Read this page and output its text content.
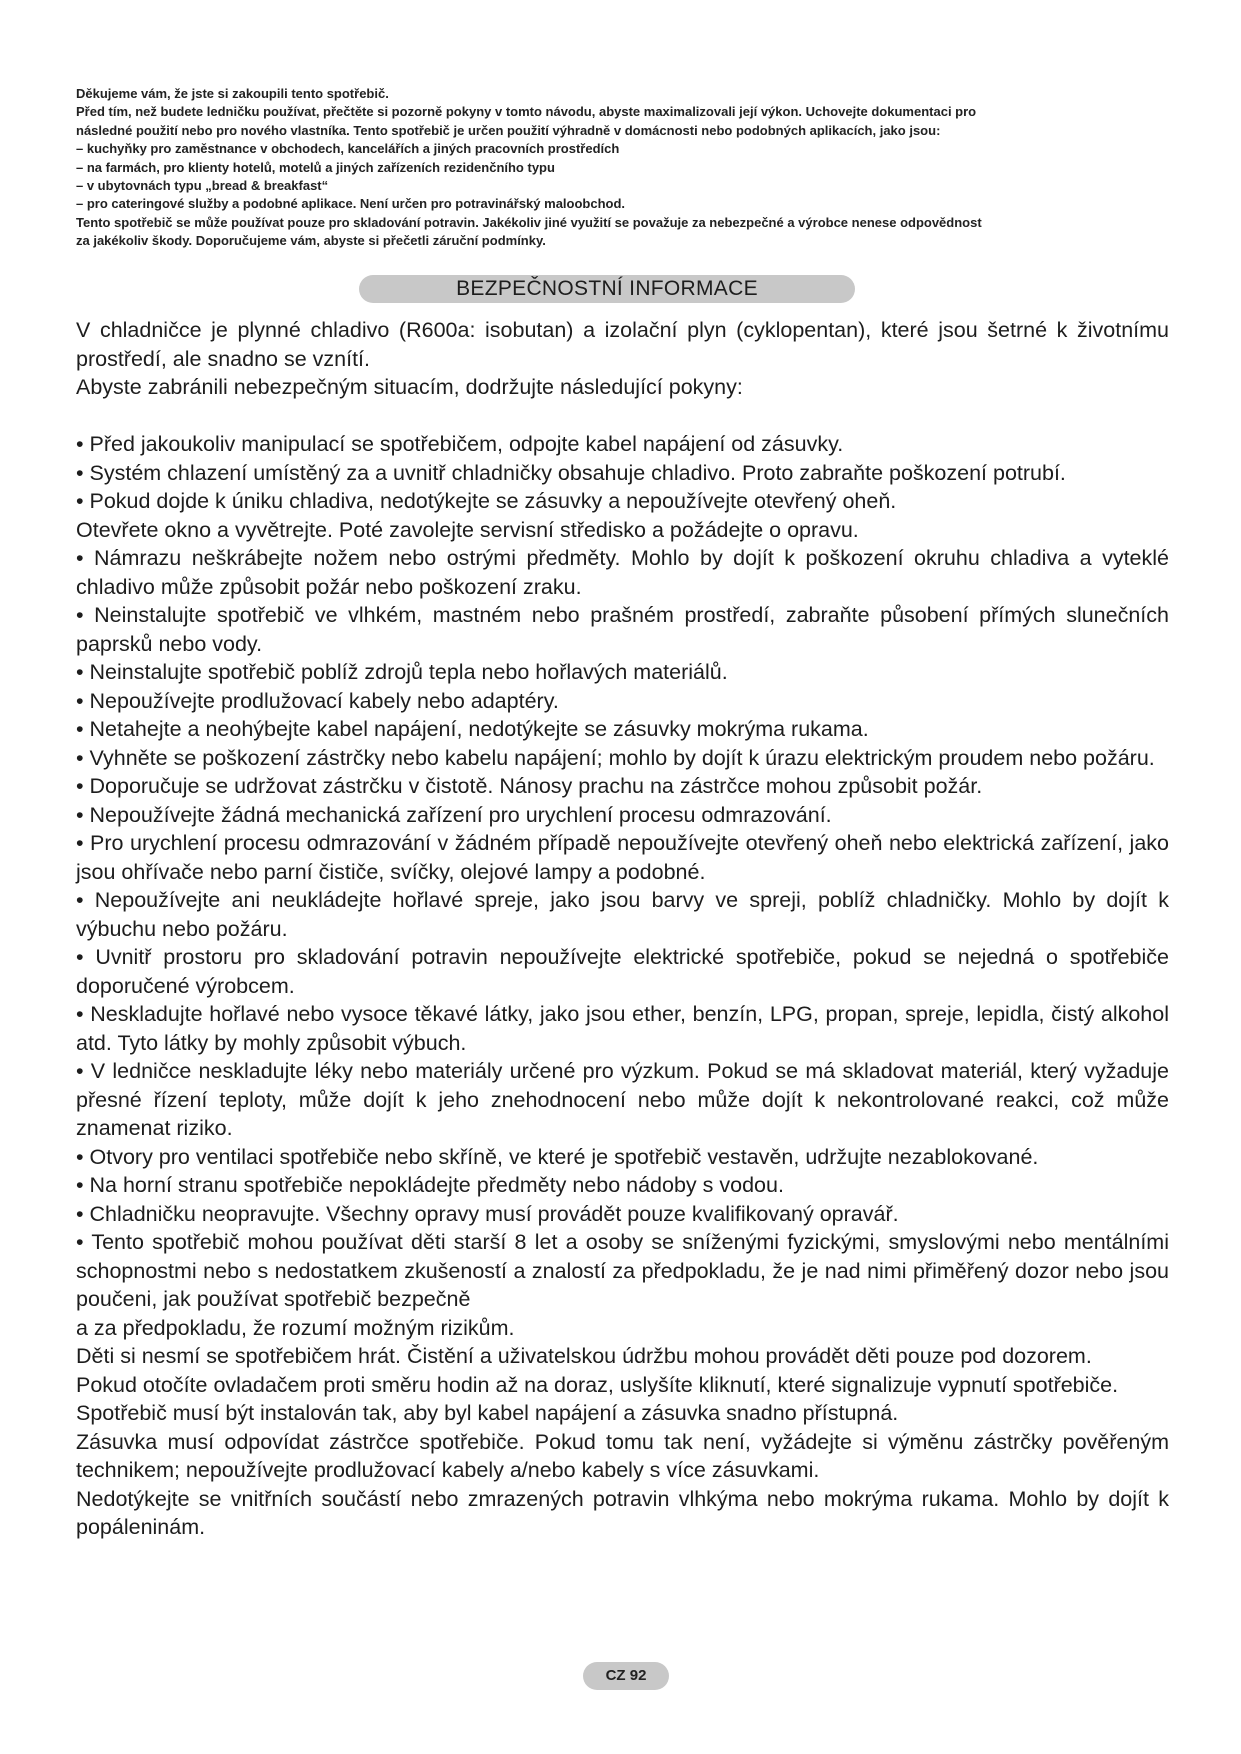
Děkujeme vám, že jste si zakoupili tento spotřebič.
Před tím, než budete ledničku používat, přečtěte si pozorně pokyny v tomto návodu, abyste maximalizovali její výkon. Uchovejte dokumentaci pro
následné použití nebo pro nového vlastníka. Tento spotřebič je určen použití výhradně v domácnosti nebo podobných aplikacích, jako jsou:
– kuchyňky pro zaměstnance v obchodech, kancelářích a jiných pracovních prostředích
– na farmách, pro klienty hotelů, motelů a jiných zařízeních rezidenčního typu
– v ubytovnách typu „bread & breakfast“
– pro cateringové služby a podobné aplikace. Není určen pro potravinářský maloobchod.
Tento spotřebič se může používat pouze pro skladování potravin. Jakékoliv jiné využití se považuje za nebezpečné a výrobce nenese odpovědnost
za jakékoliv škody. Doporučujeme vám, abyste si přečetli záruční podmínky.
BEZPEČNOSTNÍ INFORMACE
V chladničce je plynné chladivo (R600a: isobutan) a izolační plyn (cyklopentan), které jsou šetrné k životnímu prostředí, ale snadno se vznítí.
Abyste zabránili nebezpečným situacím, dodržujte následující pokyny:
• Před jakoukoliv manipulací se spotřebičem, odpojte kabel napájení od zásuvky.
• Systém chlazení umístěný za a uvnitř chladničky obsahuje chladivo. Proto zabraňte poškození potrubí.
• Pokud dojde k úniku chladiva, nedotýkejte se zásuvky a nepoužívejte otevřený oheň.
Otevřete okno a vyvětrejte. Poté zavolejte servisní středisko a požádejte o opravu.
• Námrazu neškrábejte nožem nebo ostrými předměty. Mohlo by dojít k poškození okruhu chladiva a vyteklé chladivo může způsobit požár nebo poškození zraku.
• Neinstalujte spotřebič ve vlhkém, mastném nebo prašném prostředí, zabraňte působení přímých slunečních paprsků nebo vody.
• Neinstalujte spotřebič poblíž zdrojů tepla nebo hořlavých materiálů.
• Nepoužívejte prodlužovací kabely nebo adaptéry.
• Netahejte a neohýbejte kabel napájení, nedotýkejte se zásuvky mokrýma rukama.
• Vyhněte se poškození zástrčky nebo kabelu napájení; mohlo by dojít k úrazu elektrickým proudem nebo požáru.
• Doporučuje se udržovat zástrčku v čistotě. Nánosy prachu na zástrčce mohou způsobit požár.
• Nepoužívejte žádná mechanická zařízení pro urychlení procesu odmrazování.
• Pro urychlení procesu odmrazování v žádném případě nepoužívejte otevřený oheň nebo elektrická zařízení, jako jsou ohřívače nebo parní čističe, svíčky, olejové lampy a podobné.
• Nepoužívejte ani neukládejte hořlavé spreje, jako jsou barvy ve spreji, poblíž chladničky. Mohlo by dojít k výbuchu nebo požáru.
• Uvnitř prostoru pro skladování potravin nepoužívejte elektrické spotřebiče, pokud se nejedná o spotřebiče doporučené výrobcem.
• Neskladujte hořlavé nebo vysoce těkavé látky, jako jsou ether, benzín, LPG, propan, spreje, lepidla, čistý alkohol atd. Tyto látky by mohly způsobit výbuch.
• V ledničce neskladujte léky nebo materiály určené pro výzkum. Pokud se má skladovat materiál, který vyžaduje přesné řízení teploty, může dojít k jeho znehodnocení nebo může dojít k nekontrolované reakci, což může znamenat riziko.
• Otvory pro ventilaci spotřebiče nebo skříně, ve které je spotřebič vestavěn, udržujte nezablokované.
• Na horní stranu spotřebiče nepokládejte předměty nebo nádoby s vodou.
• Chladničku neopravujte. Všechny opravy musí provádět pouze kvalifikovaný opravář.
• Tento spotřebič mohou používat děti starší 8 let a osoby se sníženými fyzickými, smyslovými nebo mentálními schopnostmi nebo s nedostatkem zkušeností a znalostí za předpokladu, že je nad nimi přiměřený dozor nebo jsou poučeni, jak používat spotřebič bezpečně
a za předpokladu, že rozumí možným rizikům.
Děti si nesmí se spotřebičem hrát. Čistění a uživatelskou údržbu mohou provádět děti pouze pod dozorem.
Pokud otočíte ovladačem proti směru hodin až na doraz, uslyšíte kliknutí, které signalizuje vypnutí spotřebiče.
Spotřebič musí být instalován tak, aby byl kabel napájení a zásuvka snadno přístupná.
Zásuvka musí odpovídat zástrčce spotřebiče. Pokud tomu tak není, vyžádejte si výměnu zástrčky pověřeným technikem; nepoužívejte prodlužovací kabely a/nebo kabely s více zásuvkami.
Nedotýkejte se vnitřních součástí nebo zmrazených potravin vlhkýma nebo mokrýma rukama. Mohlo by dojít k popáleninám.
CZ 92
